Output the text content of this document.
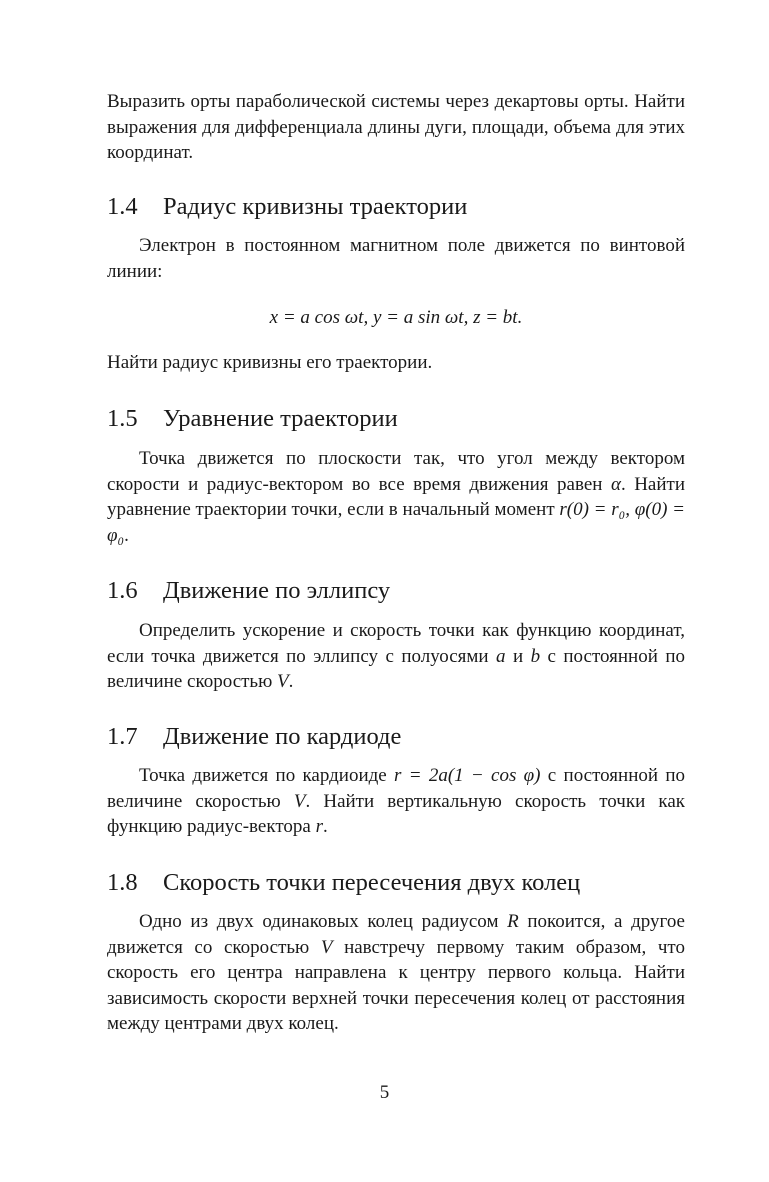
Выразить орты параболической системы через декартовы орты. Найти выражения для дифференциала длины дуги, площади, объема для этих координат.

1.4 Радиус кривизны траектории

Электрон в постоянном магнитном поле движется по винтовой линии:

x = a cos ωt, y = a sin ωt, z = bt.

Найти радиус кривизны его траектории.

1.5 Уравнение траектории

Точка движется по плоскости так, что угол между вектором скорости и радиус-вектором во все время движения равен α. Найти уравнение траектории точки, если в начальный момент r(0) = r₀, φ(0) = φ₀.

1.6 Движение по эллипсу

Определить ускорение и скорость точки как функцию координат, если точка движется по эллипсу с полуосями a и b с постоянной по величине скоростью V.

1.7 Движение по кардиоде

Точка движется по кардиоиде r = 2a(1 − cos φ) с постоянной по величине скоростью V. Найти вертикальную скорость точки как функцию радиус-вектора r.

1.8 Скорость точки пересечения двух колец

Одно из двух одинаковых колец радиусом R покоится, а другое движется со скоростью V навстречу первому таким образом, что скорость его центра направлена к центру первого кольца. Найти зависимость скорости верхней точки пересечения колец от расстояния между центрами двух колец.

5
